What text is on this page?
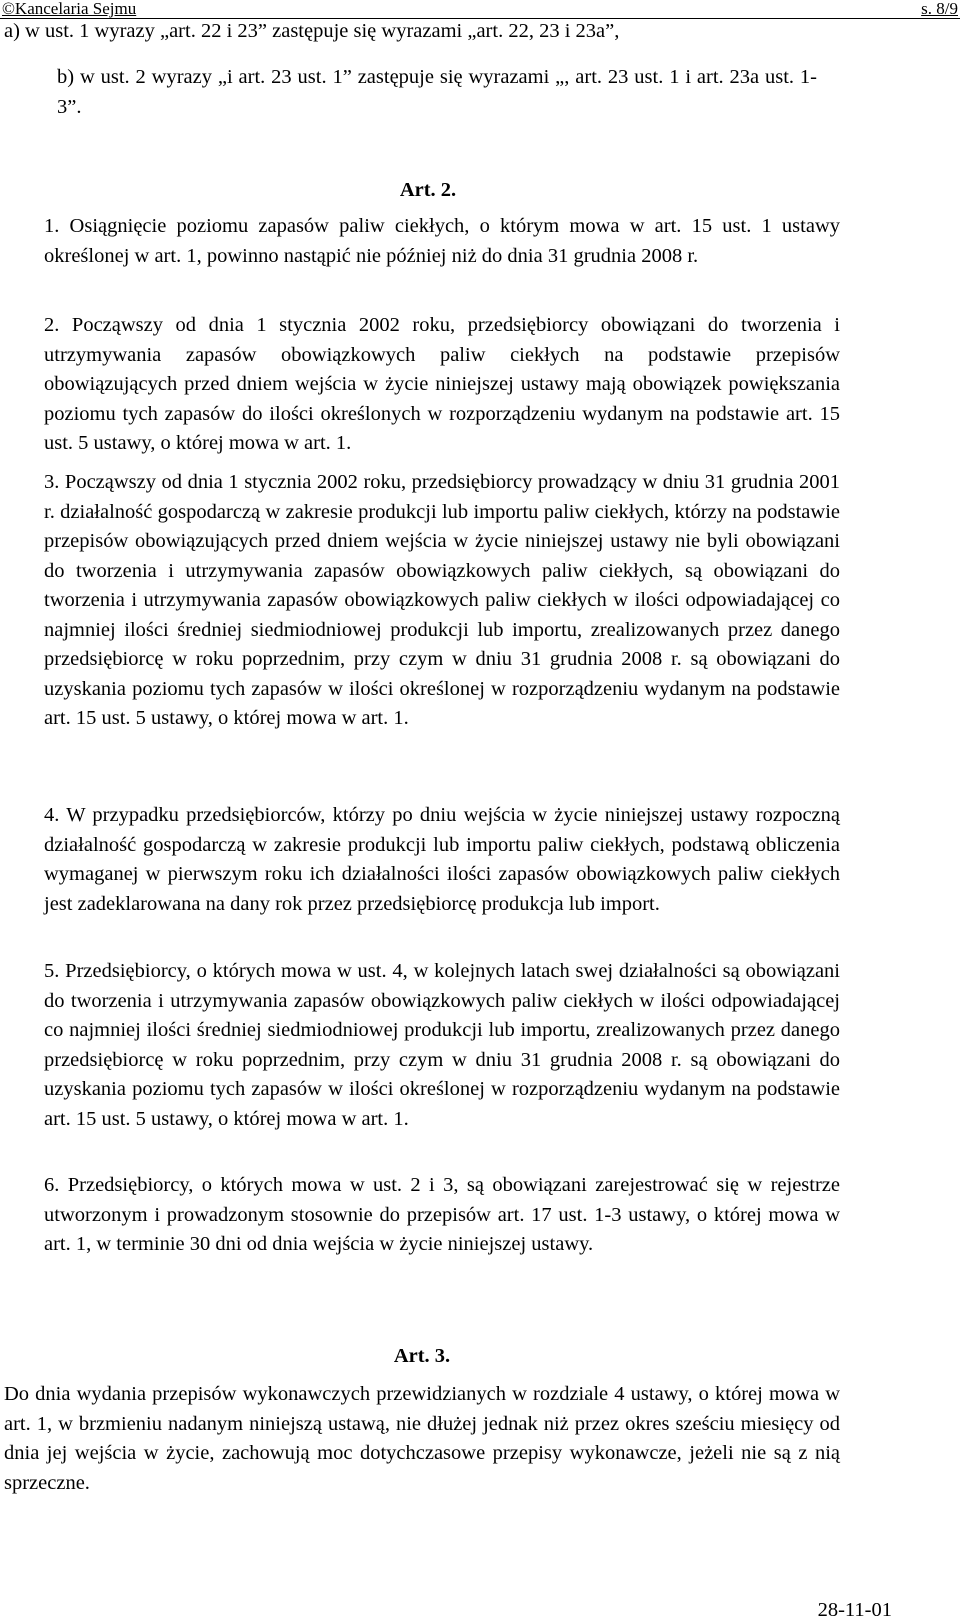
©Kancelaria Sejmu	s. 8/9

a) w ust. 1 wyrazy „art. 22 i 23” zastępuje się wyrazami „art. 22, 23 i 23a”,

b) w ust. 2 wyrazy „i art. 23 ust. 1” zastępuje się wyrazami „, art. 23 ust. 1 i art. 23a ust. 1-3”.

Art. 2.

1. Osiągnięcie poziomu zapasów paliw ciekłych, o którym mowa w art. 15 ust. 1 ustawy określonej w art. 1, powinno nastąpić nie później niż do dnia 31 grudnia 2008 r.

2. Począwszy od dnia 1 stycznia 2002 roku, przedsiębiorcy obowiązani do tworzenia i utrzymywania zapasów obowiązkowych paliw ciekłych na podstawie przepisów obowiązujących przed dniem wejścia w życie niniejszej ustawy mają obowiązek powiększania poziomu tych zapasów do ilości określonych w rozporządzeniu wydanym na podstawie art. 15 ust. 5 ustawy, o której mowa w art. 1.

3. Począwszy od dnia 1 stycznia 2002 roku, przedsiębiorcy prowadzący w dniu 31 grudnia 2001 r. działalność gospodarczą w zakresie produkcji lub importu paliw ciekłych, którzy na podstawie przepisów obowiązujących przed dniem wejścia w życie niniejszej ustawy nie byli obowiązani do tworzenia i utrzymywania zapasów obowiązkowych paliw ciekłych, są obowiązani do tworzenia i utrzymywania zapasów obowiązkowych paliw ciekłych w ilości odpowiadającej co najmniej ilości średniej siedmiodniowej produkcji lub importu, zrealizowanych przez danego przedsiębiorcę w roku poprzednim, przy czym w dniu 31 grudnia 2008 r. są obowiązani do uzyskania poziomu tych zapasów w ilości określonej w rozporządzeniu wydanym na podstawie art. 15 ust. 5 ustawy, o której mowa w art. 1.

4. W przypadku przedsiębiorców, którzy po dniu wejścia w życie niniejszej ustawy rozpoczną działalność gospodarczą w zakresie produkcji lub importu paliw ciekłych, podstawą obliczenia wymaganej w pierwszym roku ich działalności ilości zapasów obowiązkowych paliw ciekłych jest zadeklarowana na dany rok przez przedsiębiorcę produkcja lub import.

5. Przedsiębiorcy, o których mowa w ust. 4, w kolejnych latach swej działalności są obowiązani do tworzenia i utrzymywania zapasów obowiązkowych paliw ciekłych w ilości odpowiadającej co najmniej ilości średniej siedmiodniowej produkcji lub importu, zrealizowanych przez danego przedsiębiorcę w roku poprzednim, przy czym w dniu 31 grudnia 2008 r. są obowiązani do uzyskania poziomu tych zapasów w ilości określonej w rozporządzeniu wydanym na podstawie art. 15 ust. 5 ustawy, o której mowa w art. 1.

6. Przedsiębiorcy, o których mowa w ust. 2 i 3, są obowiązani zarejestrować się w rejestrze utworzonym i prowadzonym stosownie do przepisów art. 17 ust. 1-3 ustawy, o której mowa w art. 1, w terminie 30 dni od dnia wejścia w życie niniejszej ustawy.

Art. 3.

Do dnia wydania przepisów wykonawczych przewidzianych w rozdziale 4 ustawy, o której mowa w art. 1, w brzmieniu nadanym niniejszą ustawą, nie dłużej jednak niż przez okres sześciu miesięcy od dnia jej wejścia w życie, zachowują moc dotychczasowe przepisy wykonawcze, jeżeli nie są z nią sprzeczne.

28-11-01
